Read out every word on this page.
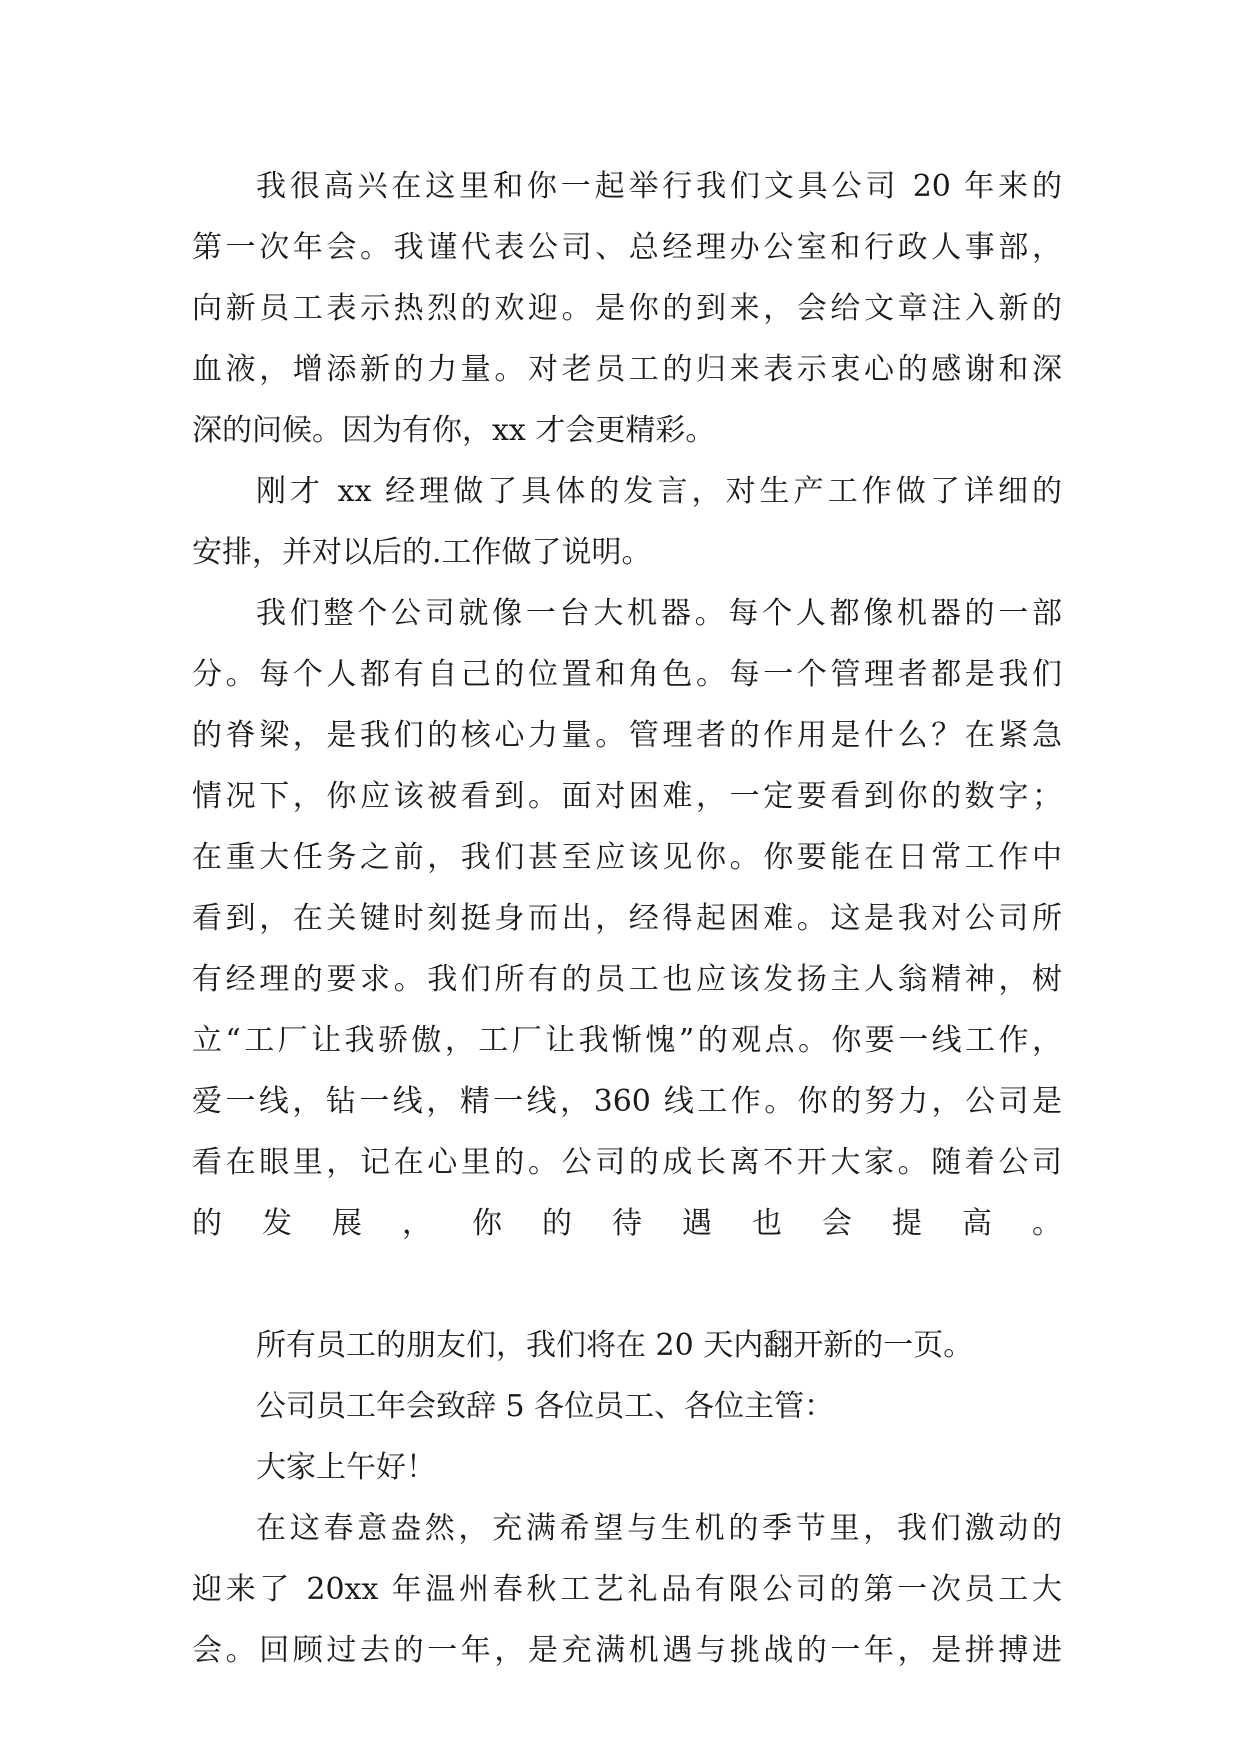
我很高兴在这里和你一起举行我们文具公司 20 年来的
第一次年会。我谨代表公司、总经理办公室和行政人事部，
向新员工表示热烈的欢迎。是你的到来，会给文章注入新的
血液，增添新的力量。对老员工的归来表示衷心的感谢和深
深的问候。因为有你，xx 才会更精彩。
刚才 xx 经理做了具体的发言，对生产工作做了详细的
安排，并对以后的.工作做了说明。
我们整个公司就像一台大机器。每个人都像机器的一部
分。每个人都有自己的位置和角色。每一个管理者都是我们
的脊梁，是我们的核心力量。管理者的作用是什么？在紧急
情况下，你应该被看到。面对困难，一定要看到你的数字；
在重大任务之前，我们甚至应该见你。你要能在日常工作中
看到，在关键时刻挺身而出，经得起困难。这是我对公司所
有经理的要求。我们所有的员工也应该发扬主人翁精神，树
立“工厂让我骄傲，工厂让我惭愧”的观点。你要一线工作，
爱一线，钻一线，精一线，360 线工作。你的努力，公司是
看在眼里，记在心里的。公司的成长离不开大家。随着公司
的发展，你的待遇也会提高。
所有员工的朋友们，我们将在 20 天内翻开新的一页。
公司员工年会致辞 5 各位员工、各位主管：
大家上午好！
在这春意盎然，充满希望与生机的季节里，我们激动的
迎来了 20xx 年温州春秋工艺礼品有限公司的第一次员工大
会。回顾过去的一年，是充满机遇与挑战的一年，是拼搏进
